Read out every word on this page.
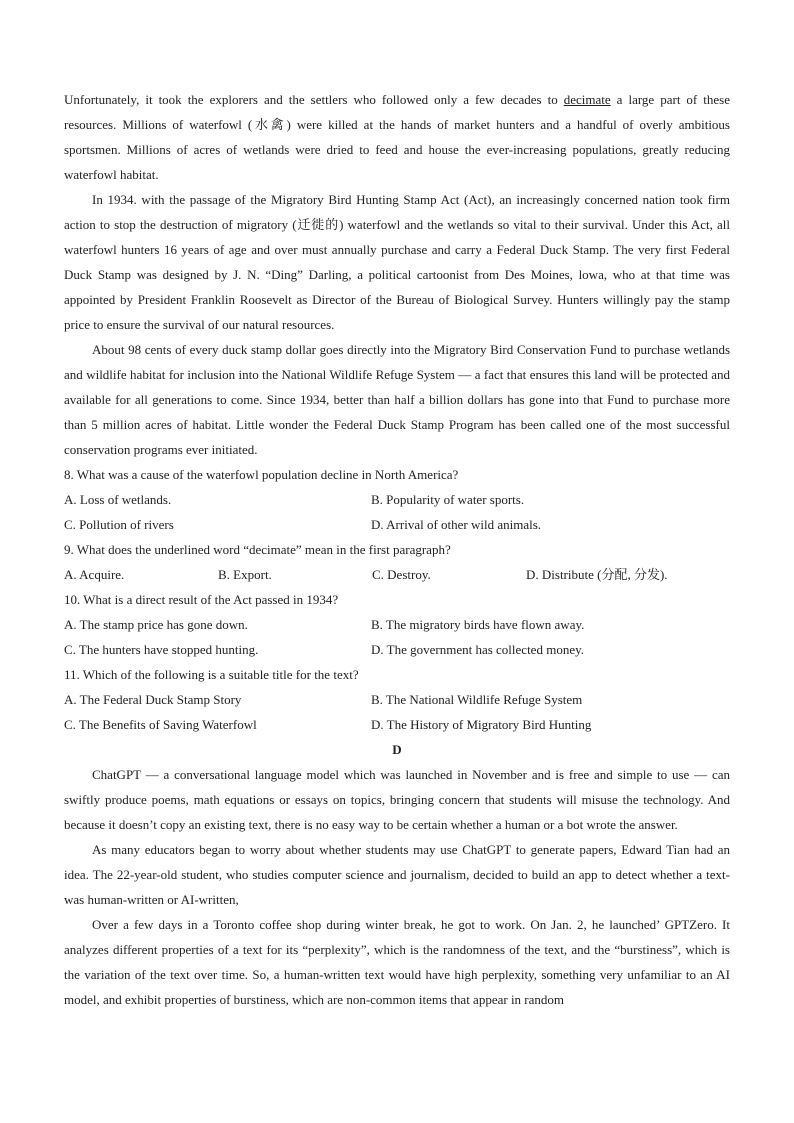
Unfortunately, it took the explorers and the settlers who followed only a few decades to decimate a large part of these resources. Millions of waterfowl (水禽) were killed at the hands of market hunters and a handful of overly ambitious sportsmen. Millions of acres of wetlands were dried to feed and house the ever-increasing populations, greatly reducing waterfowl habitat.

In 1934. with the passage of the Migratory Bird Hunting Stamp Act (Act), an increasingly concerned nation took firm action to stop the destruction of migratory (迁徙的) waterfowl and the wetlands so vital to their survival. Under this Act, all waterfowl hunters 16 years of age and over must annually purchase and carry a Federal Duck Stamp. The very first Federal Duck Stamp was designed by J. N. “Ding” Darling, a political cartoonist from Des Moines, lowa, who at that time was appointed by President Franklin Roosevelt as Director of the Bureau of Biological Survey. Hunters willingly pay the stamp price to ensure the survival of our natural resources.

About 98 cents of every duck stamp dollar goes directly into the Migratory Bird Conservation Fund to purchase wetlands and wildlife habitat for inclusion into the National Wildlife Refuge System — a fact that ensures this land will be protected and available for all generations to come. Since 1934, better than half a billion dollars has gone into that Fund to purchase more than 5 million acres of habitat. Little wonder the Federal Duck Stamp Program has been called one of the most successful conservation programs ever initiated.

8. What was a cause of the waterfowl population decline in North America?

A. Loss of wetlands.	B. Popularity of water sports.
C. Pollution of rivers	D. Arrival of other wild animals.

9. What does the underlined word “decimate” mean in the first paragraph?

A. Acquire.	B. Export.	C. Destroy.	D. Distribute (分配, 分发).

10. What is a direct result of the Act passed in 1934?

A. The stamp price has gone down.	B. The migratory birds have flown away.
C. The hunters have stopped hunting.	D. The government has collected money.

11. Which of the following is a suitable title for the text?

A. The Federal Duck Stamp Story	B. The National Wildlife Refuge System
C. The Benefits of Saving Waterfowl	D. The History of Migratory Bird Hunting

D

ChatGPT — a conversational language model which was launched in November and is free and simple to use — can swiftly produce poems, math equations or essays on topics, bringing concern that students will misuse the technology. And because it doesn’t copy an existing text, there is no easy way to be certain whether a human or a bot wrote the answer.

As many educators began to worry about whether students may use ChatGPT to generate papers, Edward Tian had an idea. The 22-year-old student, who studies computer science and journalism, decided to build an app to detect whether a text-was human-written or AI-written,

Over a few days in a Toronto coffee shop during winter break, he got to work. On Jan. 2, he launched’ GPTZero. It analyzes different properties of a text for its “perplexity”, which is the randomness of the text, and the “burstiness”, which is the variation of the text over time. So, a human-written text would have high perplexity, something very unfamiliar to an AI model, and exhibit properties of burstiness, which are non-common items that appear in random
